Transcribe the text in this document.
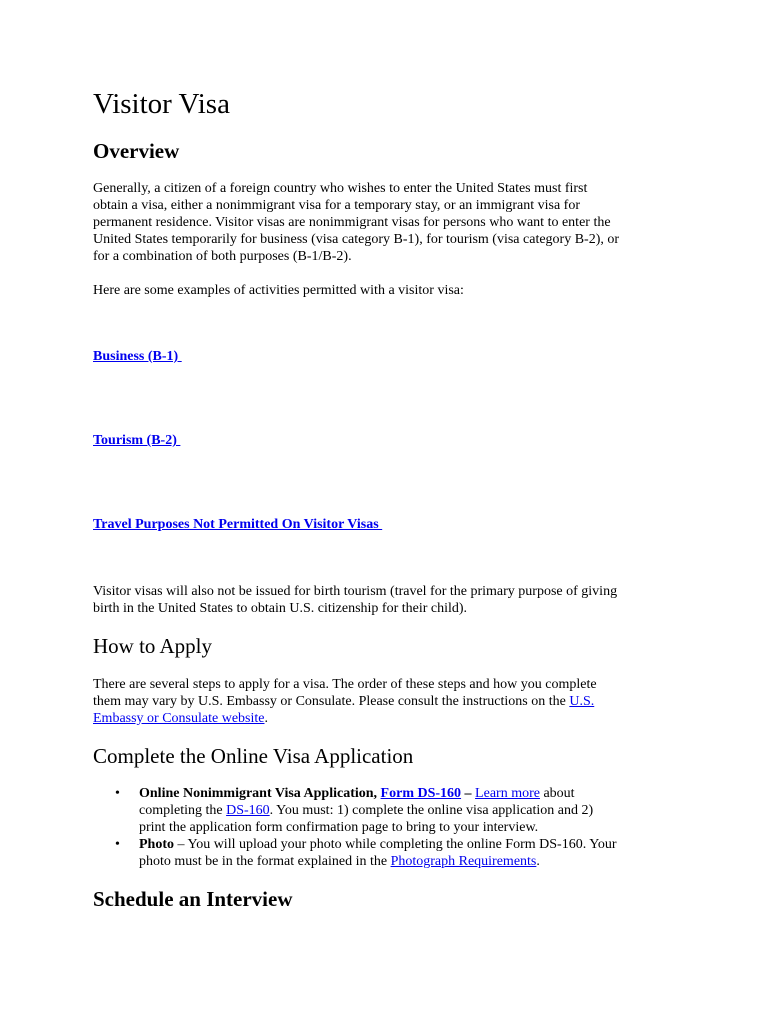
Visitor Visa
Overview

Generally, a citizen of a foreign country who wishes to enter the United States must first
obtain a visa, either a nonimmigrant visa for a temporary stay, or an immigrant visa for
permanent residence. Visitor visas are nonimmigrant visas for persons who want to enter the
United States temporarily for business (visa category B-1), for tourism (visa category B-2), or
for a combination of both purposes (B-1/B-2).

Here are some examples of activities permitted with a visitor visa:

Business (B-1)
Tourism (B-2)
Travel Purposes Not Permitted On Visitor Visas

Visitor visas will also not be issued for birth tourism (travel for the primary purpose of giving
birth in the United States to obtain U.S. citizenship for their child).

How to Apply

There are several steps to apply for a visa. The order of these steps and how you complete
them may vary by U.S. Embassy or Consulate. Please consult the instructions on the U.S.
Embassy or Consulate website.

Complete the Online Visa Application
• Online Nonimmigrant Visa Application, Form DS-160 – Learn more about
completing the DS-160. You must: 1) complete the online visa application and 2)
print the application form confirmation page to bring to your interview.
• Photo – You will upload your photo while completing the online Form DS-160. Your
photo must be in the format explained in the Photograph Requirements.
Schedule an Interview
